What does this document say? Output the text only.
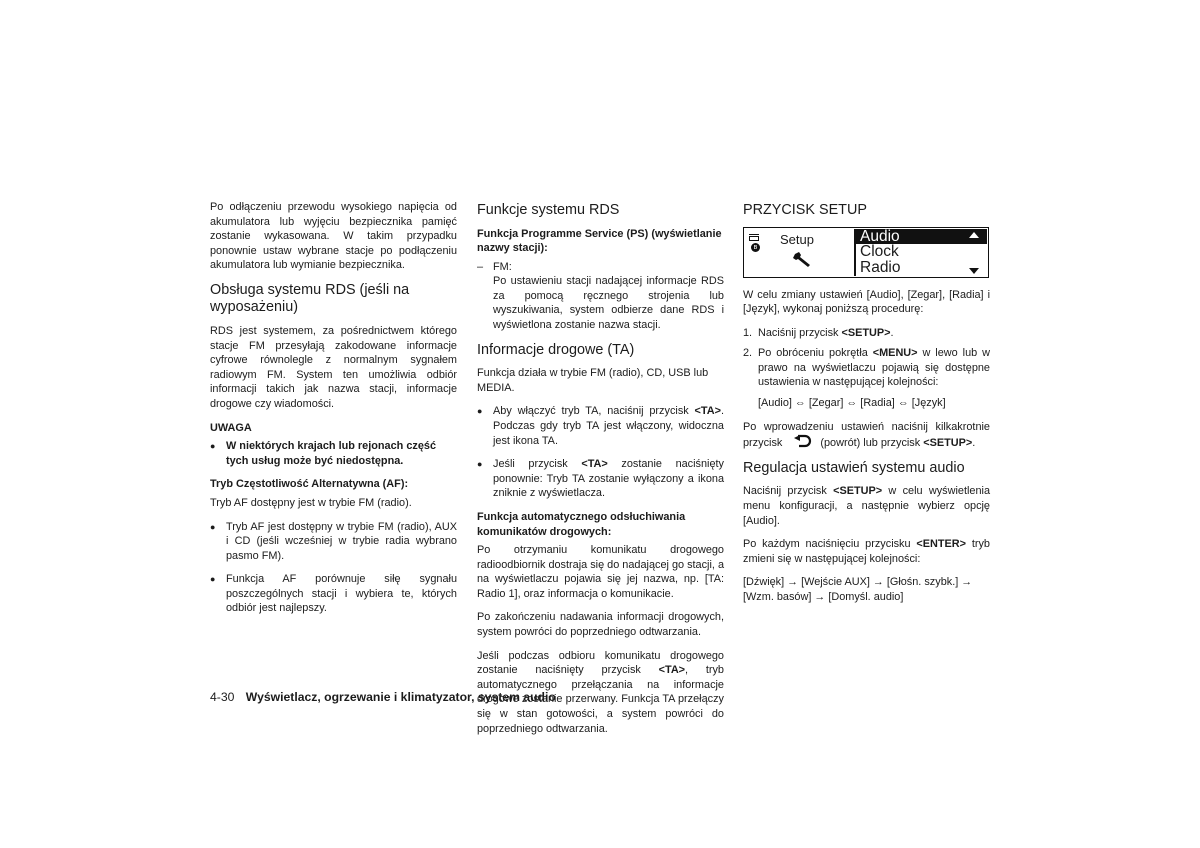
Po odłączeniu przewodu wysokiego napięcia od akumulatora lub wyjęciu bezpiecznika pamięć zostanie wykasowana. W takim przypadku ponownie ustaw wybrane stacje po podłączeniu akumulatora lub wymianie bezpiecznika.

Obsługa systemu RDS (jeśli na wyposażeniu)

RDS jest systemem, za pośrednictwem którego stacje FM przesyłają zakodowane informacje cyfrowe równolegle z normalnym sygnałem radiowym FM. System ten umożliwia odbiór informacji takich jak nazwa stacji, informacje drogowe czy wiadomości.

UWAGA
● W niektórych krajach lub rejonach część tych usług może być niedostępna.
Tryb Częstotliwość Alternatywna (AF):

Tryb AF dostępny jest w trybie FM (radio).

● Tryb AF jest dostępny w trybie FM (radio), AUX i CD (jeśli wcześniej w trybie radia wybrano pasmo FM).
● Funkcja AF porównuje siłę sygnału poszczególnych stacji i wybiera te, których odbiór jest najlepszy.
Funkcje systemu RDS
Funkcja Programme Service (PS) (wyświetlanie nazwy stacji):
– FM:

Po ustawieniu stacji nadającej informacje RDS za pomocą ręcznego strojenia lub wyszukiwania, system odbierze dane RDS i wyświetlona zostanie nazwa stacji.

Informacje drogowe (TA)

Funkcja działa w trybie FM (radio), CD, USB lub MEDIA.

● Aby włączyć tryb TA, naciśnij przycisk <TA>. Podczas gdy tryb TA jest włączony, widoczna jest ikona TA.
● Jeśli przycisk <TA> zostanie naciśnięty ponownie: Tryb TA zostanie wyłączony a ikona zniknie z wyświetlacza.
Funkcja automatycznego odsłuchiwania komunikatów drogowych:

Po otrzymaniu komunikatu drogowego radioodbiornik dostraja się do nadającej go stacji, a na wyświetlaczu pojawia się jej nazwa, np. [TA: Radio 1], oraz informacja o komunikacie.

Po zakończeniu nadawania informacji drogowych, system powróci do poprzedniego odtwarzania.

Jeśli podczas odbioru komunikatu drogowego zostanie naciśnięty przycisk <TA>, tryb automatycznego przełączania na informacje drogowe zostanie przerwany. Funkcja TA przełączy się w stan gotowości, a system powróci do poprzedniego odtwarzania.

PRZYCISK SETUP
ʙ
Setup	Audio
Clock
Radio

W celu zmiany ustawień [Audio], [Zegar], [Radia] i [Język], wykonaj poniższą procedurę:

1. Naciśnij przycisk <SETUP>.
2. Po obróceniu pokrętła <MENU> w lewo lub w prawo na wyświetlaczu pojawią się dostępne ustawienia w następującej kolejności:

[Audio] ⇔ [Zegar] ⇔ [Radia] ⇔ [Język]

Po wprowadzeniu ustawień naciśnij kilkakrotnie przycisk	(powrót) lub przycisk <SETUP>.

Regulacja ustawień systemu audio

Naciśnij przycisk <SETUP> w celu wyświetlenia menu konfiguracji, a następnie wybierz opcję [Audio].

Po każdym naciśnięciu przycisku <ENTER> tryb zmieni się w następującej kolejności:

[Dźwięk] → [Wejście AUX] → [Głośn. szybk.] → [Wzm. basów] → [Domyśl. audio]

4-30 Wyświetlacz, ogrzewanie i klimatyzator, system audio
